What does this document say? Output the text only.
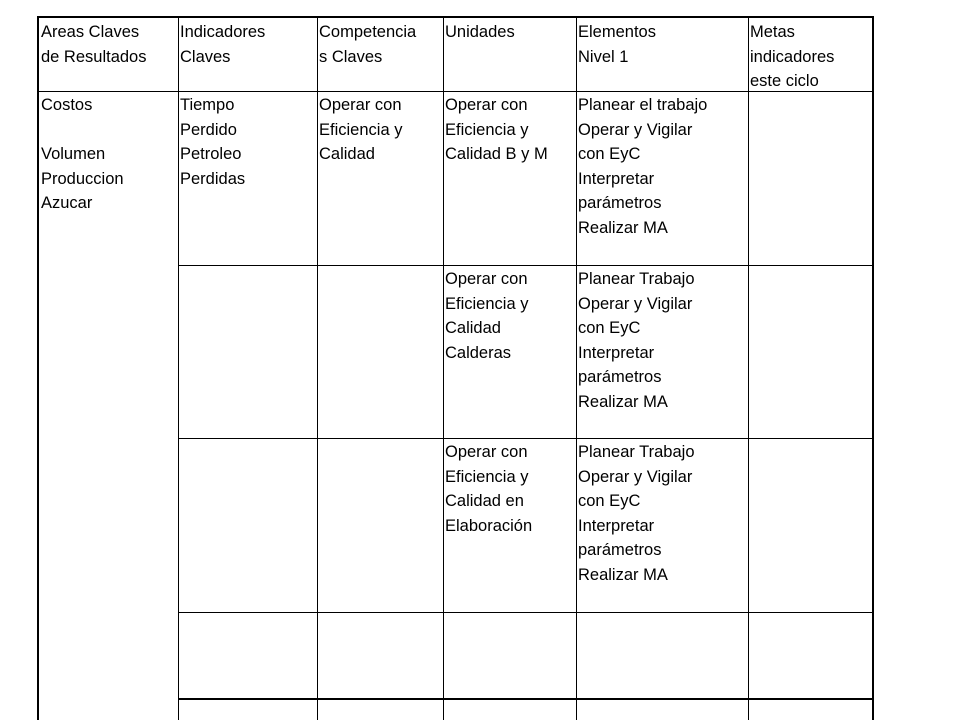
Areas Claves
de Resultados
Indicadores
Claves
Competencia
s Claves
Unidades	Elementos
Nivel 1
Metas
indicadores
este ciclo
Costos

Volumen
Produccion
Azucar
Tiempo
Perdido
Petroleo
Perdidas
Operar con
Eficiencia y
Calidad
Operar con
Eficiencia y
Calidad B y M
Planear el trabajo
Operar y Vigilar
con EyC
Interpretar
parámetros
Realizar MA
Operar con
Eficiencia y
Calidad
Calderas
Planear Trabajo
Operar y Vigilar
con EyC
Interpretar
parámetros
Realizar MA
Operar con
Eficiencia y
Calidad en
Elaboración
Planear Trabajo
Operar y Vigilar
con EyC
Interpretar
parámetros
Realizar MA
